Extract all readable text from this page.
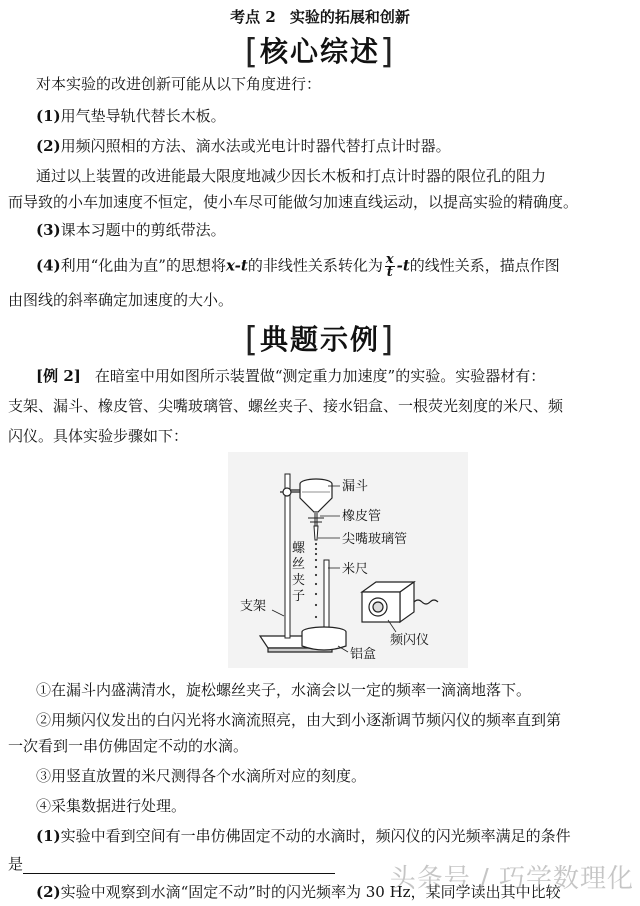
考点 2 实验的拓展和创新
[核心综述]
对本实验的改进创新可能从以下角度进行：
(1)用气垫导轨代替长木板。
(2)用频闪照相的方法、滴水法或光电计时器代替打点计时器。
通过以上装置的改进能最大限度地减少因长木板和打点计时器的限位孔的阻力
而导致的小车加速度不恒定，使小车尽可能做匀加速直线运动，以提高实验的精确度。
(3)课本习题中的剪纸带法。
(4)利用“化曲为直”的思想将x-t的非线性关系转化为 $\frac{x}{t} -t$的线性关系，描点作图
由图线的斜率确定加速度的大小。
[典题示例]
[例 2] 在暗室中用如图所示装置做“测定重力加速度”的实验。实验器材有：
支架、漏斗、橡皮管、尖嘴玻璃管、螺丝夹子、接水铝盒、一根荧光刻度的米尺、频
闪仪。具体实验步骤如下：
漏斗
橡皮管
尖嘴玻璃管
螺
丝
夹
子
米尺
支架
频闪仪
铝盒
①在漏斗内盛满清水，旋松螺丝夹子，水滴会以一定的频率一滴滴地落下。
②用频闪仪发出的白闪光将水滴流照亮，由大到小逐渐调节频闪仪的频率直到第
一次看到一串仿佛固定不动的水滴。
③用竖直放置的米尺测得各个水滴所对应的刻度。
④采集数据进行处理。
(1)实验中看到空间有一串仿佛固定不动的水滴时，频闪仪的闪光频率满足的条件
是
(2)实验中观察到水滴“固定不动”时的闪光频率为 30 Hz，某同学读出其中比较
头条号 / 巧学数理化
